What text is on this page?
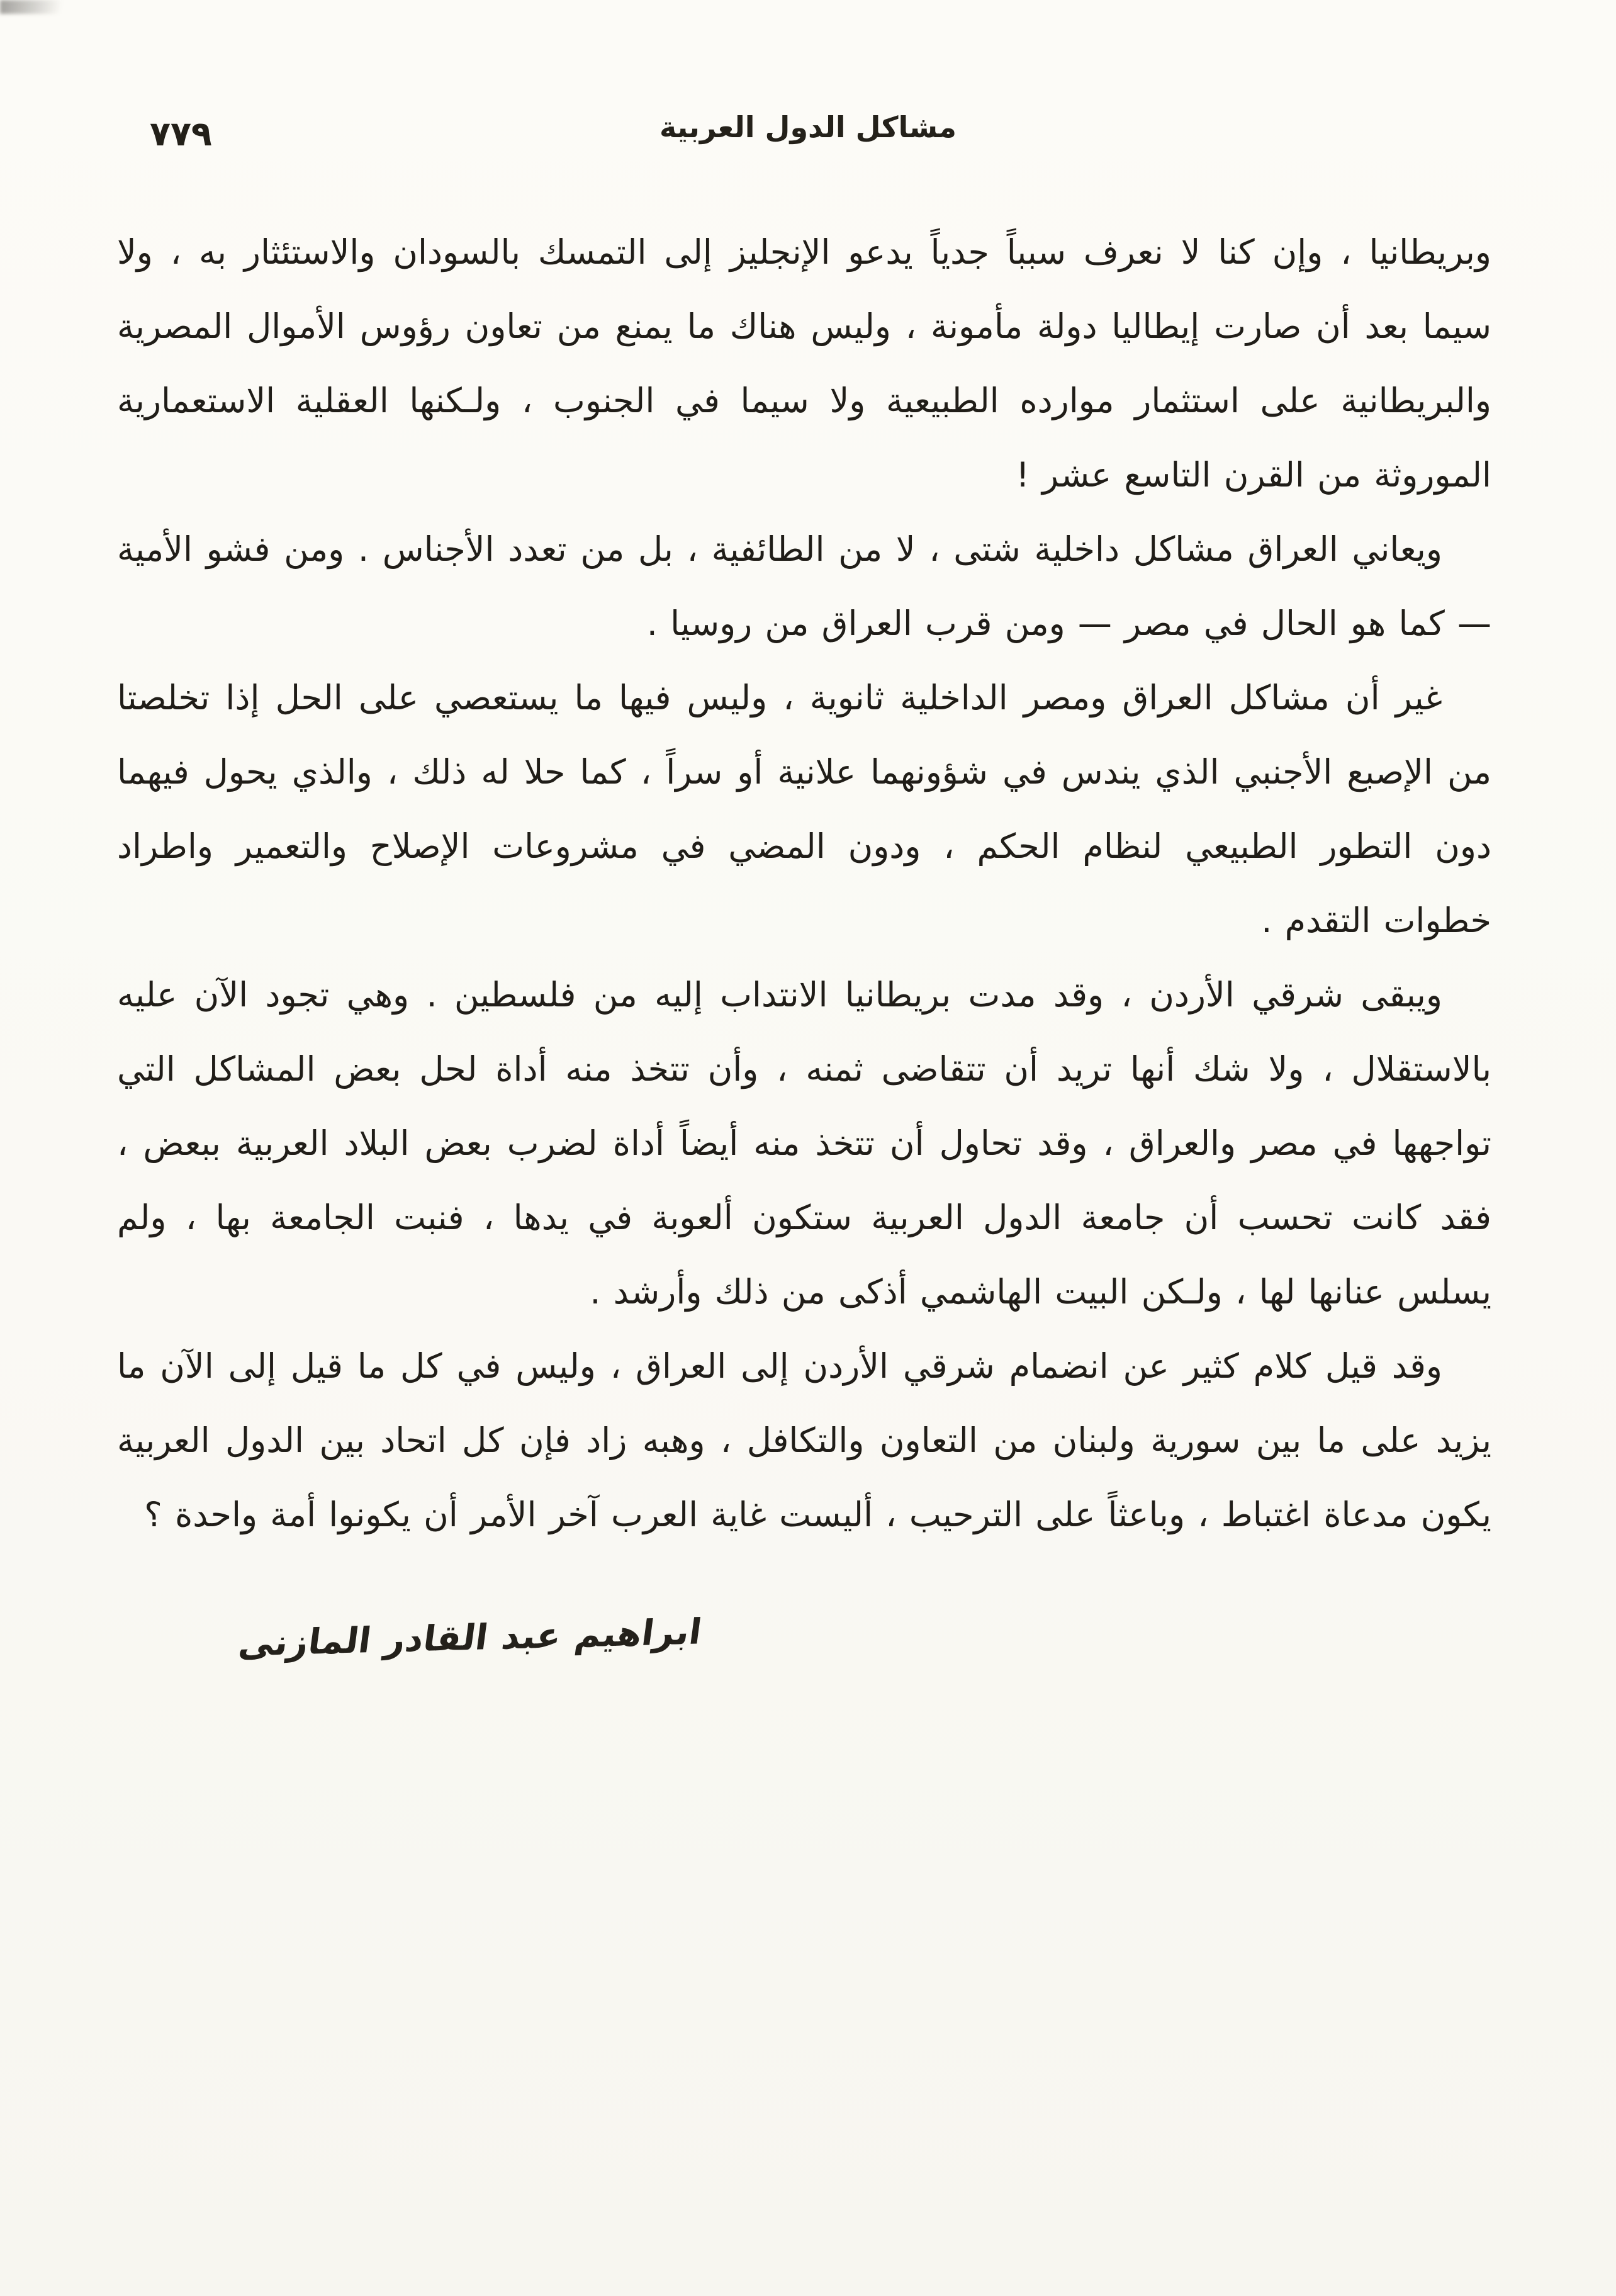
٧٧٩	مشاكل الدول العربية

وبريطانيا ، وإن كنا لا نعرف سبباً جدياً يدعو الإنجليز إلى التمسك بالسودان والاستئثار به ، ولا سيما بعد أن صارت إيطاليا دولة مأمونة ، وليس هناك ما يمنع من تعاون رؤوس الأموال المصرية والبريطانية على استثمار موارده الطبيعية ولا سيما في الجنوب ، ولـكنها العقلية الاستعمارية الموروثة من القرن التاسع عشر !

ويعاني العراق مشاكل داخلية شتى ، لا من الطائفية ، بل من تعدد الأجناس . ومن فشو الأمية — كما هو الحال في مصر — ومن قرب العراق من روسيا .

غير أن مشاكل العراق ومصر الداخلية ثانوية ، وليس فيها ما يستعصي على الحل إذا تخلصتا من الإصبع الأجنبي الذي يندس في شؤونهما علانية أو سراً ، كما حلا له ذلك ، والذي يحول فيهما دون التطور الطبيعي لنظام الحكم ، ودون المضي في مشروعات الإصلاح والتعمير واطراد خطوات التقدم .

ويبقى شرقي الأردن ، وقد مدت بريطانيا الانتداب إليه من فلسطين . وهي تجود الآن عليه بالاستقلال ، ولا شك أنها تريد أن تتقاضى ثمنه ، وأن تتخذ منه أداة لحل بعض المشاكل التي تواجهها في مصر والعراق ، وقد تحاول أن تتخذ منه أيضاً أداة لضرب بعض البلاد العربية ببعض ، فقد كانت تحسب أن جامعة الدول العربية ستكون ألعوبة في يدها ، فنبت الجامعة بها ، ولم يسلس عنانها لها ، ولـكن البيت الهاشمي أذكى من ذلك وأرشد .

وقد قيل كلام كثير عن انضمام شرقي الأردن إلى العراق ، وليس في كل ما قيل إلى الآن ما يزيد على ما بين سورية ولبنان من التعاون والتكافل ، وهبه زاد فإن كل اتحاد بين الدول العربية يكون مدعاة اغتباط ، وباعثاً على الترحيب ، أليست غاية العرب آخر الأمر أن يكونوا أمة واحدة ؟

ابراهيم عبد القادر المازنى
